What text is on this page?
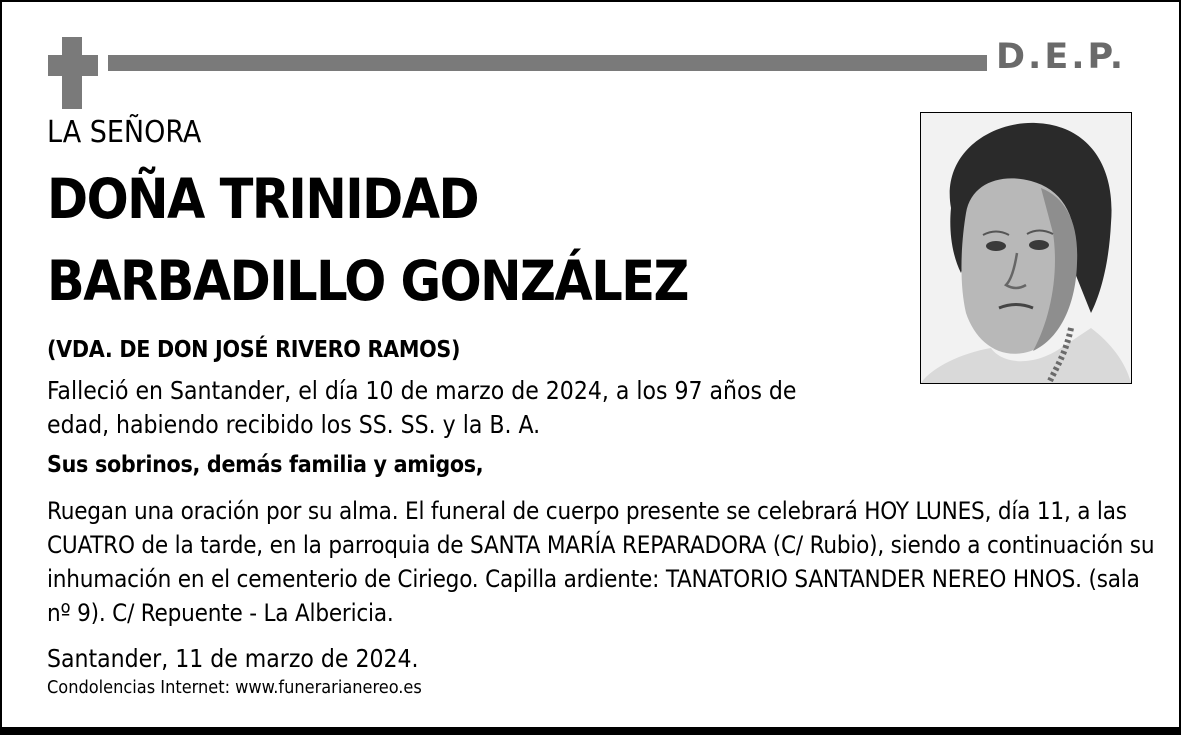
D.E.P.
LA SEÑORA
DOÑA TRINIDAD
BARBADILLO GONZÁLEZ
(VDA. DE DON JOSÉ RIVERO RAMOS)
Falleció en Santander, el día 10 de marzo de 2024, a los 97 años de edad, habiendo recibido los SS. SS. y la B. A.
Sus sobrinos, demás familia y amigos,
Ruegan una oración por su alma. El funeral de cuerpo presente se celebrará HOY LUNES, día 11, a las CUATRO de la tarde, en la parroquia de SANTA MARÍA REPARADORA (C/ Rubio), siendo a continuación su inhumación en el cementerio de Ciriego. Capilla ardiente: TANATORIO SANTANDER NEREO HNOS. (sala nº 9). C/ Repuente - La Albericia.
Santander, 11 de marzo de 2024.
Condolencias Internet: www.funerarianereo.es
